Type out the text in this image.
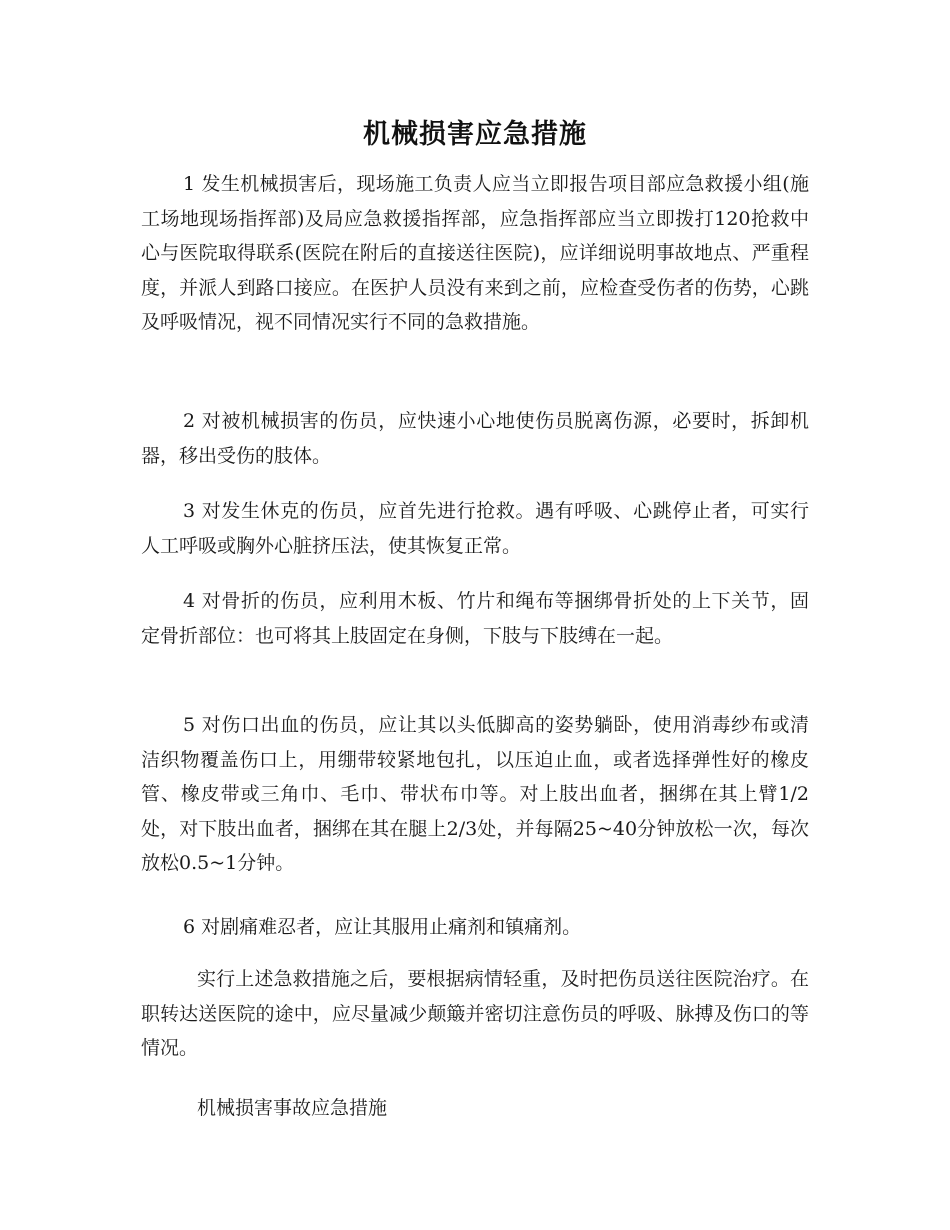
机械损害应急措施

1 发生机械损害后，现场施工负责人应当立即报告项目部应急救援小组(施工场地现场指挥部)及局应急救援指挥部，应急指挥部应当立即拨打120抢救中心与医院取得联系(医院在附后的直接送往医院)，应详细说明事故地点、严重程度，并派人到路口接应。在医护人员没有来到之前，应检查受伤者的伤势，心跳及呼吸情况，视不同情况实行不同的急救措施。

2 对被机械损害的伤员，应快速小心地使伤员脱离伤源，必要时，拆卸机器，移出受伤的肢体。

3 对发生休克的伤员，应首先进行抢救。遇有呼吸、心跳停止者，可实行人工呼吸或胸外心脏挤压法，使其恢复正常。

4 对骨折的伤员，应利用木板、竹片和绳布等捆绑骨折处的上下关节，固定骨折部位：也可将其上肢固定在身侧，下肢与下肢缚在一起。

5 对伤口出血的伤员，应让其以头低脚高的姿势躺卧，使用消毒纱布或清洁织物覆盖伤口上，用绷带较紧地包扎，以压迫止血，或者选择弹性好的橡皮管、橡皮带或三角巾、毛巾、带状布巾等。对上肢出血者，捆绑在其上臂1/2处，对下肢出血者，捆绑在其在腿上2/3处，并每隔25~40分钟放松一次，每次放松0.5~1分钟。

6 对剧痛难忍者，应让其服用止痛剂和镇痛剂。

实行上述急救措施之后，要根据病情轻重，及时把伤员送往医院治疗。在职转达送医院的途中，应尽量减少颠簸并密切注意伤员的呼吸、脉搏及伤口的等情况。

机械损害事故应急措施
